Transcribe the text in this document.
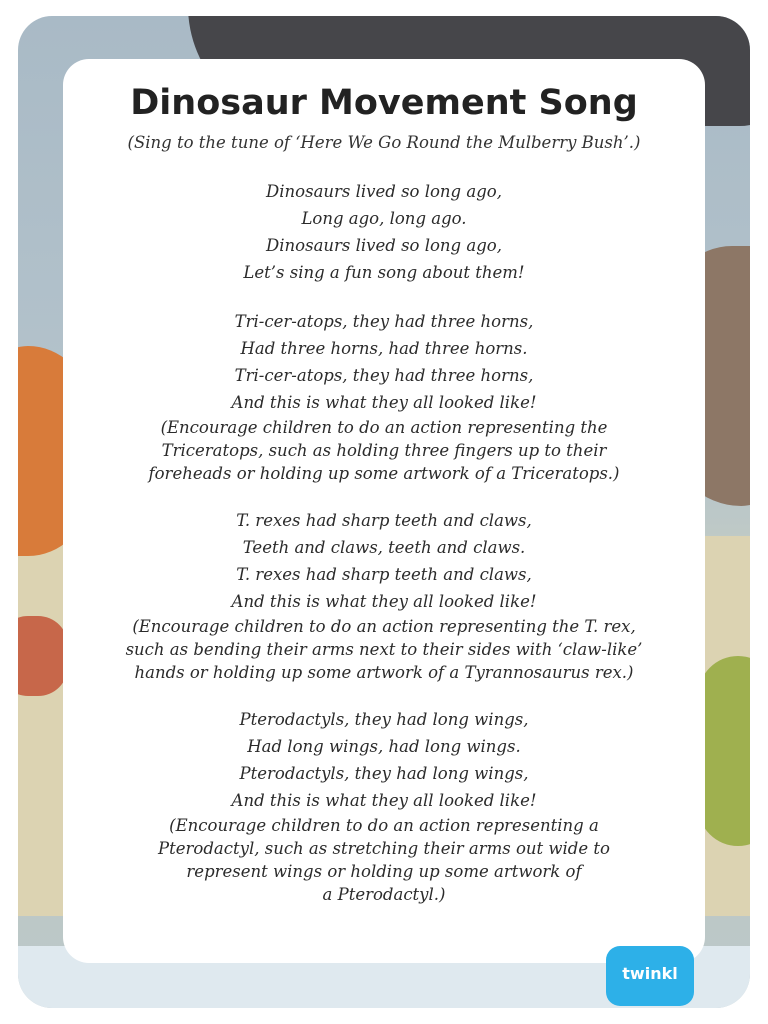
Dinosaur Movement Song

(Sing to the tune of ‘Here We Go Round the Mulberry Bush’.)

Dinosaurs lived so long ago,
Long ago, long ago.
Dinosaurs lived so long ago,
Let’s sing a fun song about them!
Tri-cer-atops, they had three horns,
Had three horns, had three horns.
Tri-cer-atops, they had three horns,
And this is what they all looked like!
(Encourage children to do an action representing the
Triceratops, such as holding three fingers up to their
foreheads or holding up some artwork of a Triceratops.)
T. rexes had sharp teeth and claws,
Teeth and claws, teeth and claws.
T. rexes had sharp teeth and claws,
And this is what they all looked like!
(Encourage children to do an action representing the T. rex,
such as bending their arms next to their sides with ‘claw-like’
hands or holding up some artwork of a Tyrannosaurus rex.)
Pterodactyls, they had long wings,
Had long wings, had long wings.
Pterodactyls, they had long wings,
And this is what they all looked like!
(Encourage children to do an action representing a
Pterodactyl, such as stretching their arms out wide to
represent wings or holding up some artwork of
a Pterodactyl.)
twinkl
